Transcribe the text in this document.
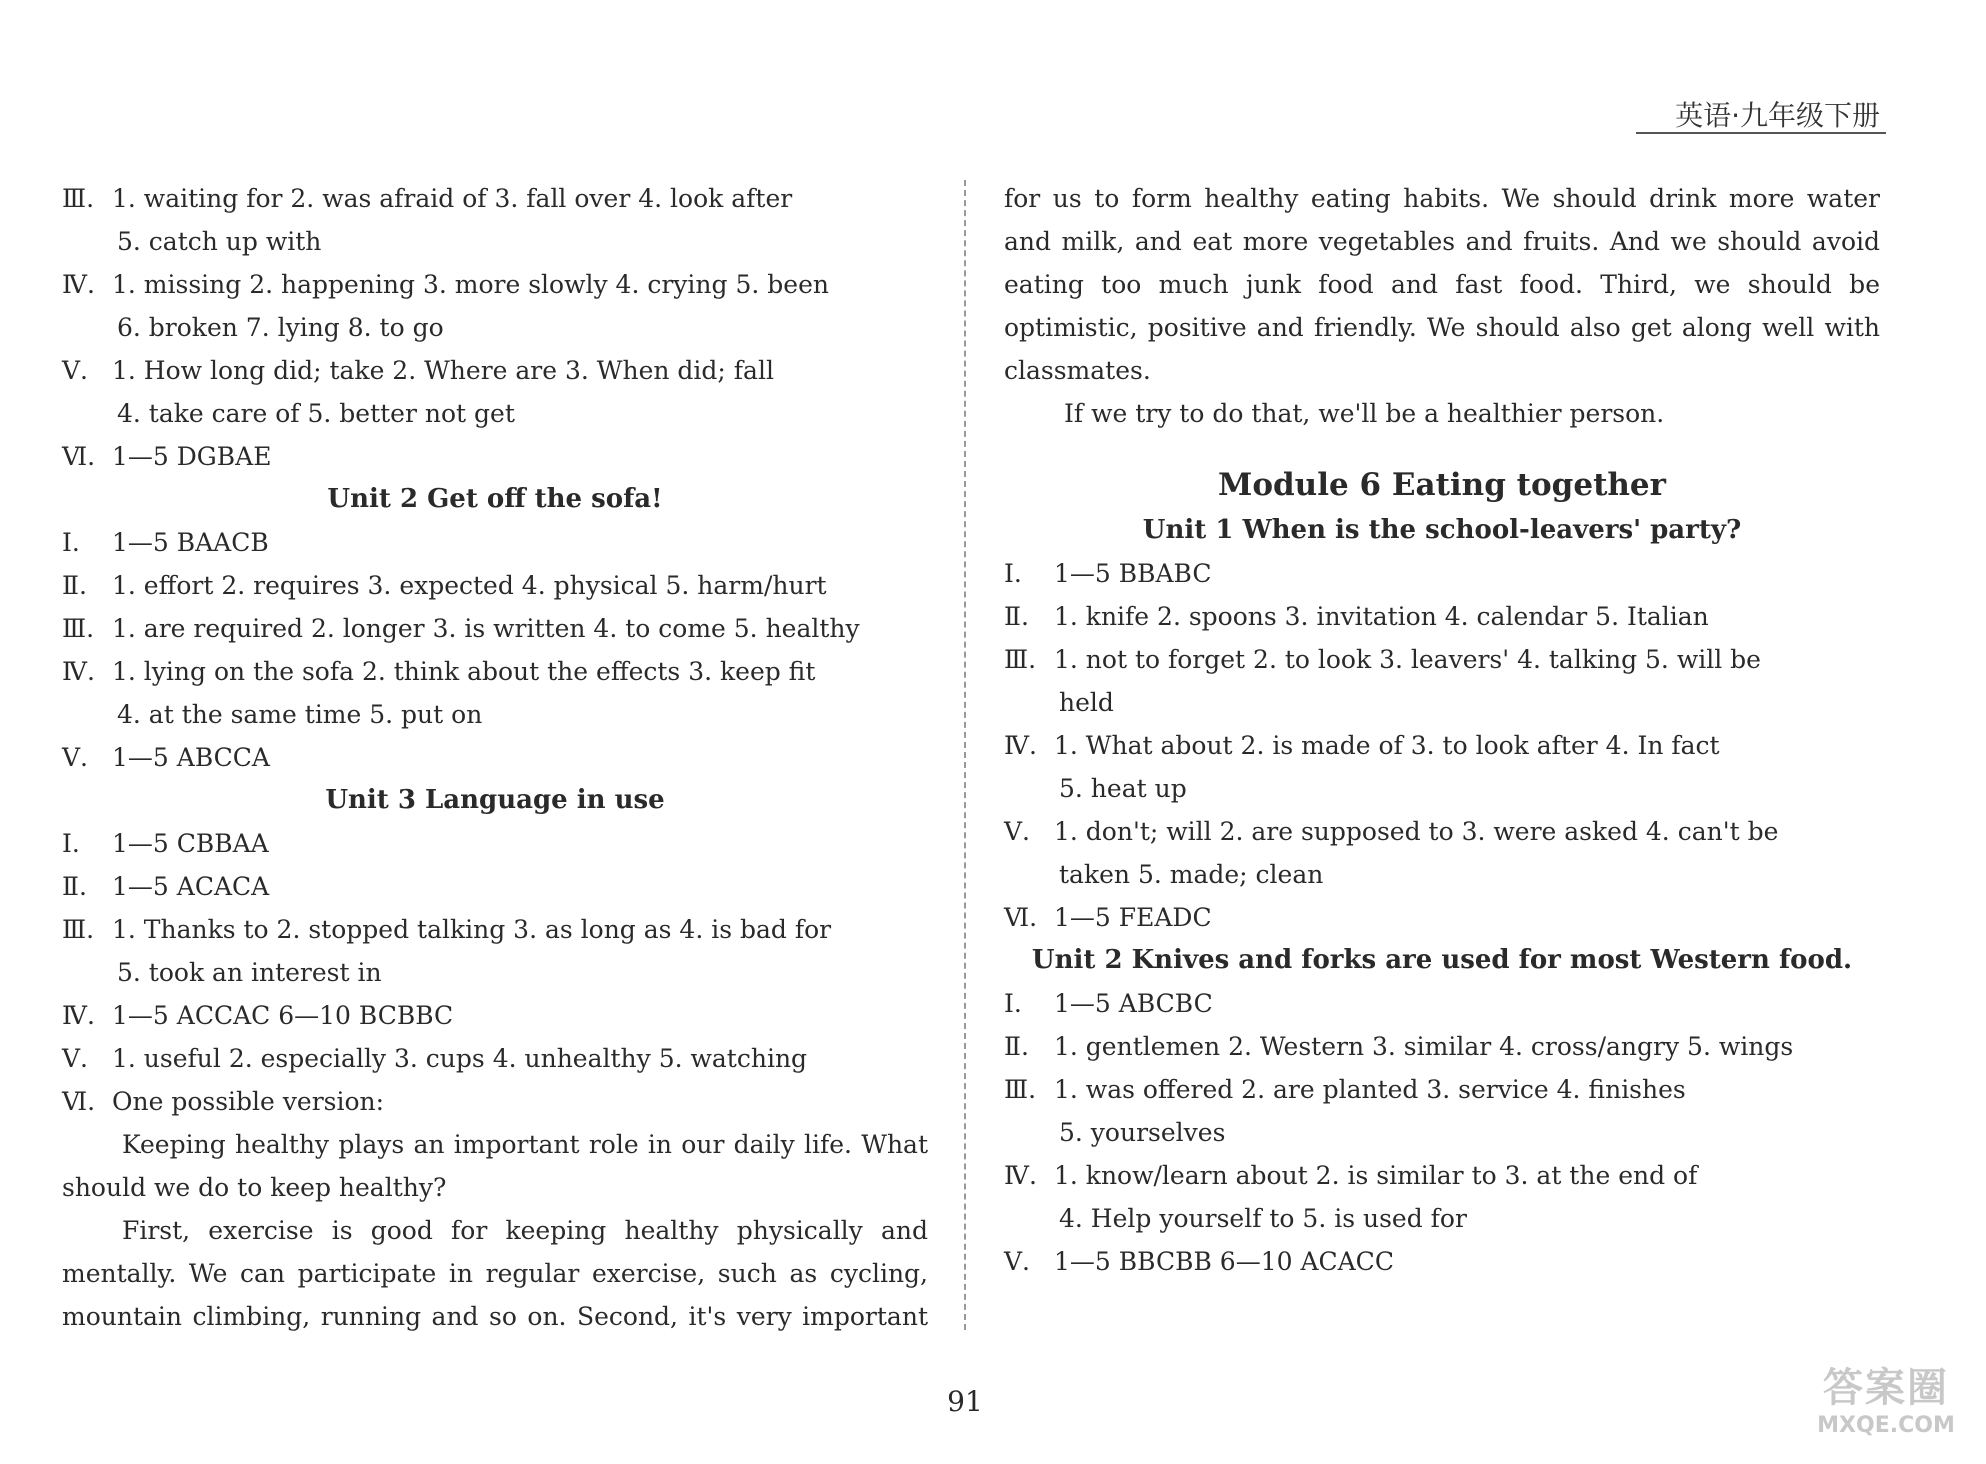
英语·九年级下册
Ⅲ. 1. waiting for 2. was afraid of 3. fall over 4. look after
5. catch up with
Ⅳ. 1. missing 2. happening 3. more slowly 4. crying 5. been
6. broken 7. lying 8. to go
Ⅴ. 1. How long did; take 2. Where are 3. When did; fall
4. take care of 5. better not get
Ⅵ. 1—5 DGBAE
Unit 2 Get off the sofa!
Ⅰ. 1—5 BAACB
Ⅱ. 1. effort 2. requires 3. expected 4. physical 5. harm/hurt
Ⅲ. 1. are required 2. longer 3. is written 4. to come 5. healthy
Ⅳ. 1. lying on the sofa 2. think about the effects 3. keep fit
4. at the same time 5. put on
Ⅴ. 1—5 ABCCA
Unit 3 Language in use
Ⅰ. 1—5 CBBAA
Ⅱ. 1—5 ACACA
Ⅲ. 1. Thanks to 2. stopped talking 3. as long as 4. is bad for
5. took an interest in
Ⅳ. 1—5 ACCAC 6—10 BCBBC
Ⅴ. 1. useful 2. especially 3. cups 4. unhealthy 5. watching
Ⅵ. One possible version:
Keeping healthy plays an important role in our daily life. What
should we do to keep healthy?
First, exercise is good for keeping healthy physically and
mentally. We can participate in regular exercise, such as cycling,
mountain climbing, running and so on. Second, it's very important
for us to form healthy eating habits. We should drink more water
and milk, and eat more vegetables and fruits. And we should avoid
eating too much junk food and fast food. Third, we should be
optimistic, positive and friendly. We should also get along well with
classmates.
If we try to do that, we'll be a healthier person.
Module 6 Eating together
Unit 1 When is the school-leavers' party?
Ⅰ. 1—5 BBABC
Ⅱ. 1. knife 2. spoons 3. invitation 4. calendar 5. Italian
Ⅲ. 1. not to forget 2. to look 3. leavers' 4. talking 5. will be
held
Ⅳ. 1. What about 2. is made of 3. to look after 4. In fact
5. heat up
Ⅴ. 1. don't; will 2. are supposed to 3. were asked 4. can't be
taken 5. made; clean
Ⅵ. 1—5 FEADC
Unit 2 Knives and forks are used for most Western food.
Ⅰ. 1—5 ABCBC
Ⅱ. 1. gentlemen 2. Western 3. similar 4. cross/angry 5. wings
Ⅲ. 1. was offered 2. are planted 3. service 4. finishes
5. yourselves
Ⅳ. 1. know/learn about 2. is similar to 3. at the end of
4. Help yourself to 5. is used for
Ⅴ. 1—5 BBCBB 6—10 ACACC
91	答案圈
MXQE.COM
